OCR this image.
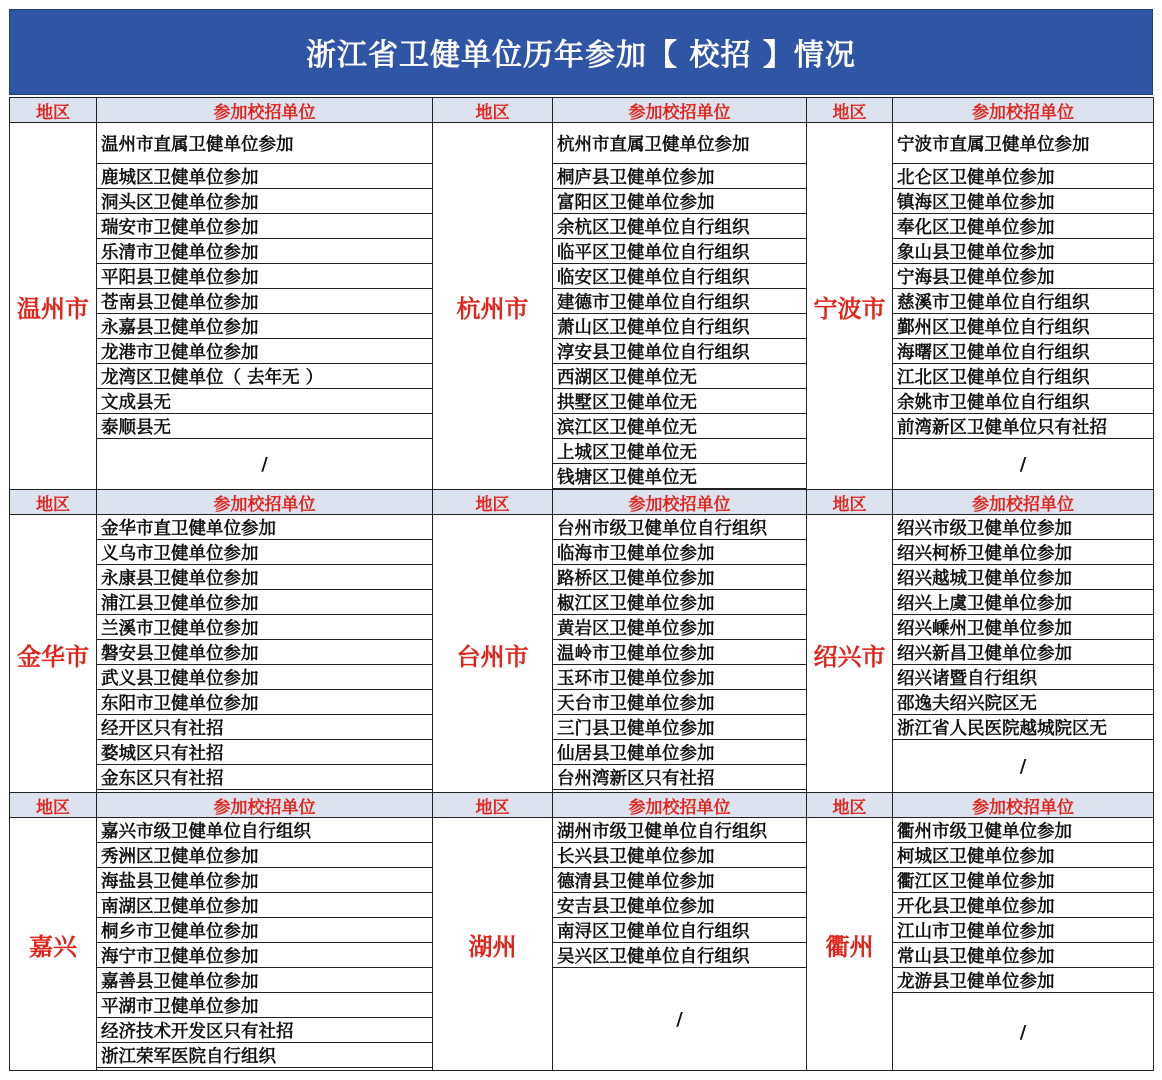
浙江省卫健单位历年参加【 校招 】情况
地区	参加校招单位
温州市
温州市直属卫健单位参加
鹿城区卫健单位参加
洞头区卫健单位参加
瑞安市卫健单位参加
乐清市卫健单位参加
平阳县卫健单位参加
苍南县卫健单位参加
永嘉县卫健单位参加
龙港市卫健单位参加
龙湾区卫健单位（ 去年无 ）
文成县无
泰顺县无
/
地区	参加校招单位
杭州市
杭州市直属卫健单位参加
桐庐县卫健单位参加
富阳区卫健单位参加
余杭区卫健单位自行组织
临平区卫健单位自行组织
临安区卫健单位自行组织
建德市卫健单位自行组织
萧山区卫健单位自行组织
淳安县卫健单位自行组织
西湖区卫健单位无
拱墅区卫健单位无
滨江区卫健单位无
上城区卫健单位无
钱塘区卫健单位无
地区	参加校招单位
宁波市
宁波市直属卫健单位参加
北仑区卫健单位参加
镇海区卫健单位参加
奉化区卫健单位参加
象山县卫健单位参加
宁海县卫健单位参加
慈溪市卫健单位自行组织
鄞州区卫健单位自行组织
海曙区卫健单位自行组织
江北区卫健单位自行组织
余姚市卫健单位自行组织
前湾新区卫健单位只有社招
/
地区	参加校招单位
金华市
金华市直卫健单位参加
义乌市卫健单位参加
永康县卫健单位参加
浦江县卫健单位参加
兰溪市卫健单位参加
磐安县卫健单位参加
武义县卫健单位参加
东阳市卫健单位参加
经开区只有社招
婺城区只有社招
金东区只有社招
地区	参加校招单位
台州市
台州市级卫健单位自行组织
临海市卫健单位参加
路桥区卫健单位参加
椒江区卫健单位参加
黄岩区卫健单位参加
温岭市卫健单位参加
玉环市卫健单位参加
天台市卫健单位参加
三门县卫健单位参加
仙居县卫健单位参加
台州湾新区只有社招
地区	参加校招单位
绍兴市
绍兴市级卫健单位参加
绍兴柯桥卫健单位参加
绍兴越城卫健单位参加
绍兴上虞卫健单位参加
绍兴嵊州卫健单位参加
绍兴新昌卫健单位参加
绍兴诸暨自行组织
邵逸夫绍兴院区无
浙江省人民医院越城院区无
/
地区	参加校招单位
嘉兴
嘉兴市级卫健单位自行组织
秀洲区卫健单位参加
海盐县卫健单位参加
南湖区卫健单位参加
桐乡市卫健单位参加
海宁市卫健单位参加
嘉善县卫健单位参加
平湖市卫健单位参加
经济技术开发区只有社招
浙江荣军医院自行组织
地区	参加校招单位
湖州
湖州市级卫健单位自行组织
长兴县卫健单位参加
德清县卫健单位参加
安吉县卫健单位参加
南浔区卫健单位自行组织
吴兴区卫健单位自行组织
/
地区	参加校招单位
衢州
衢州市级卫健单位参加
柯城区卫健单位参加
衢江区卫健单位参加
开化县卫健单位参加
江山市卫健单位参加
常山县卫健单位参加
龙游县卫健单位参加
/
